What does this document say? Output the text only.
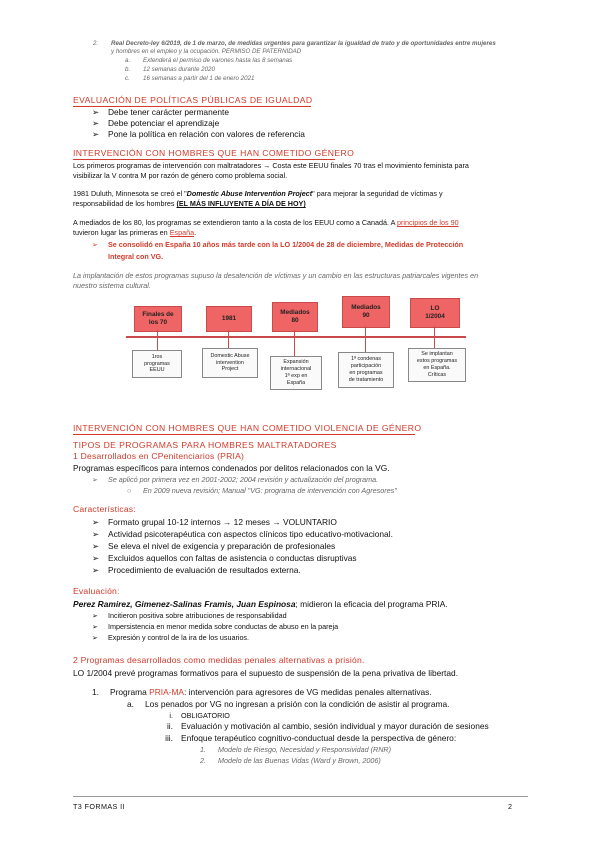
2. Real Decreto-ley 6/2019, de 1 de marzo, de medidas urgentes para garantizar la igualdad de trato y de oportunidades entre mujeres
y hombres en el empleo y la ocupación. PERMISO DE PATERNIDAD
a. Extenderá el permiso de varones hasta las 8 semanas
b. 12 semanas durante 2020
c. 16 semanas a partir del 1 de enero 2021
EVALUACIÓN DE POLÍTICAS PÚBLICAS DE IGUALDAD
➢ Debe tener carácter permanente
➢ Debe potenciar el aprendizaje
➢ Pone la política en relación con valores de referencia
INTERVENCIÓN CON HOMBRES QUE HAN COMETIDO GÉNERO
Los primeros programas de intervención con maltratadores → Costa este EEUU finales 70 tras el movimiento feminista para
visibilizar la V contra M por razón de género como problema social.
1981 Duluth, Minnesota se creó el "Domestic Abuse Intervention Project" para mejorar la seguridad de víctimas y
responsabilidad de los hombres (EL MÁS INFLUYENTE A DÍA DE HOY)
A mediados de los 80, los programas se extendieron tanto a la costa de los EEUU como a Canadá. A principios de los 90
tuvieron lugar las primeras en España.
➢ Se consolidó en España 10 años más tarde con la LO 1/2004 de 28 de diciembre, Medidas de Protección
Integral con VG.
La implantación de estos programas supuso la desatención de víctimas y un cambio en las estructuras patriarcales vigentes en
nuestro sistema cultural.
Finales de
los 70
1981
Mediados
80
Mediados
90
LO
1/2004
1ros
programas
EEUU
Domestic Abuse
intervention
Project
Expansión
internacional
1ª exp en
España
1ª condenas
participación
en programas
de tratamiento
Se implantan
estos programas
en España.
Críticas
INTERVENCIÓN CON HOMBRES QUE HAN COMETIDO VIOLENCIA DE GÉNERO
TIPOS DE PROGRAMAS PARA HOMBRES MALTRATADORES
1 Desarrollados en CPenitenciarios (PRIA)
Programas específicos para internos condenados por delitos relacionados con la VG.
➢ Se aplicó por primera vez en 2001-2002; 2004 revisión y actualización del programa.
○ En 2009 nueva revisión; Manual "VG: programa de intervención con Agresores"
Características:
➢ Formato grupal 10-12 internos → 12 meses → VOLUNTARIO
➢ Actividad psicoterapéutica con aspectos clínicos tipo educativo-motivacional.
➢ Se eleva el nivel de exigencia y preparación de profesionales
➢ Excluidos aquellos con faltas de asistencia o conductas disruptivas
➢ Procedimiento de evaluación de resultados externa.
Evaluación:
Perez Ramirez, Gimenez-Salinas Framis, Juan Espinosa; midieron la eficacia del programa PRIA.
➢ Incitieron positiva sobre atribuciones de responsabilidad
➢ Impersistencia en menor medida sobre conductas de abuso en la pareja
➢ Expresión y control de la ira de los usuarios.
2 Programas desarrollados como medidas penales alternativas a prisión.
LO 1/2004 prevé programas formativos para el supuesto de suspensión de la pena privativa de libertad.
1. Programa PRIA-MA: intervención para agresores de VG medidas penales alternativas.
a. Los penados por VG no ingresan a prisión con la condición de asistir al programa.
i. OBLIGATORIO
ii. Evaluación y motivación al cambio, sesión individual y mayor duración de sesiones
iii. Enfoque terapéutico cognitivo-conductual desde la perspectiva de género:
1. Modelo de Riesgo, Necesidad y Responsividad (RNR)
2. Modelo de las Buenas Vidas (Ward y Brown, 2006)
T3 FORMAS II	2
